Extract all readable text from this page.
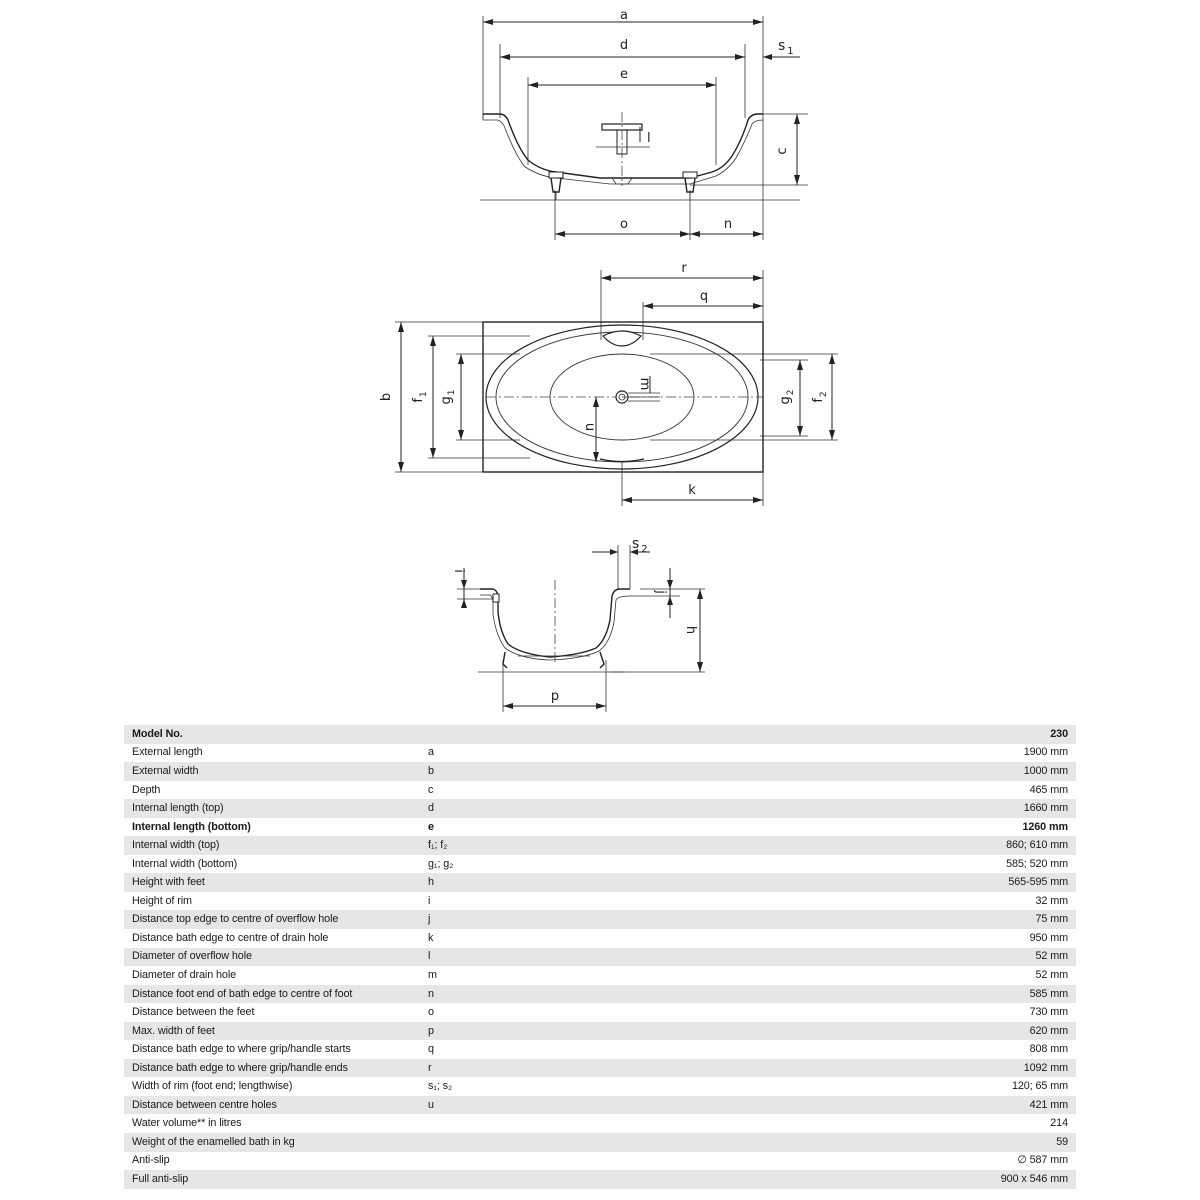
a
d	s $_1$
e
l
c
o	n
m
u
r
q
b $f_1$
$g_1$
$g_2$
$f_2$
k
s $_2$
i
j
h
p
Model No.		230
External length	a	1900 mm
External width	b	1000 mm
Depth	c	465 mm
Internal length (top)	d	1660 mm
Internal length (bottom)	e	1260 mm
Internal width (top)	f₁; f₂	860; 610 mm
Internal width (bottom)	g₁; g₂	585; 520 mm
Height with feet	h	565-595 mm
Height of rim	i	32 mm
Distance top edge to centre of overflow hole	j	75 mm
Distance bath edge to centre of drain hole	k	950 mm
Diameter of overflow hole	l	52 mm
Diameter of drain hole	m	52 mm
Distance foot end of bath edge to centre of foot	n	585 mm
Distance between the feet	o	730 mm
Max. width of feet	p	620 mm
Distance bath edge to where grip/handle starts	q	808 mm
Distance bath edge to where grip/handle ends	r	1092 mm
Width of rim (foot end; lengthwise)	s₁; s₂	120; 65 mm
Distance between centre holes	u	421 mm
Water volume** in litres		214
Weight of the enamelled bath in kg		59
Anti-slip		∅ 587 mm
Full anti-slip		900 x 546 mm
